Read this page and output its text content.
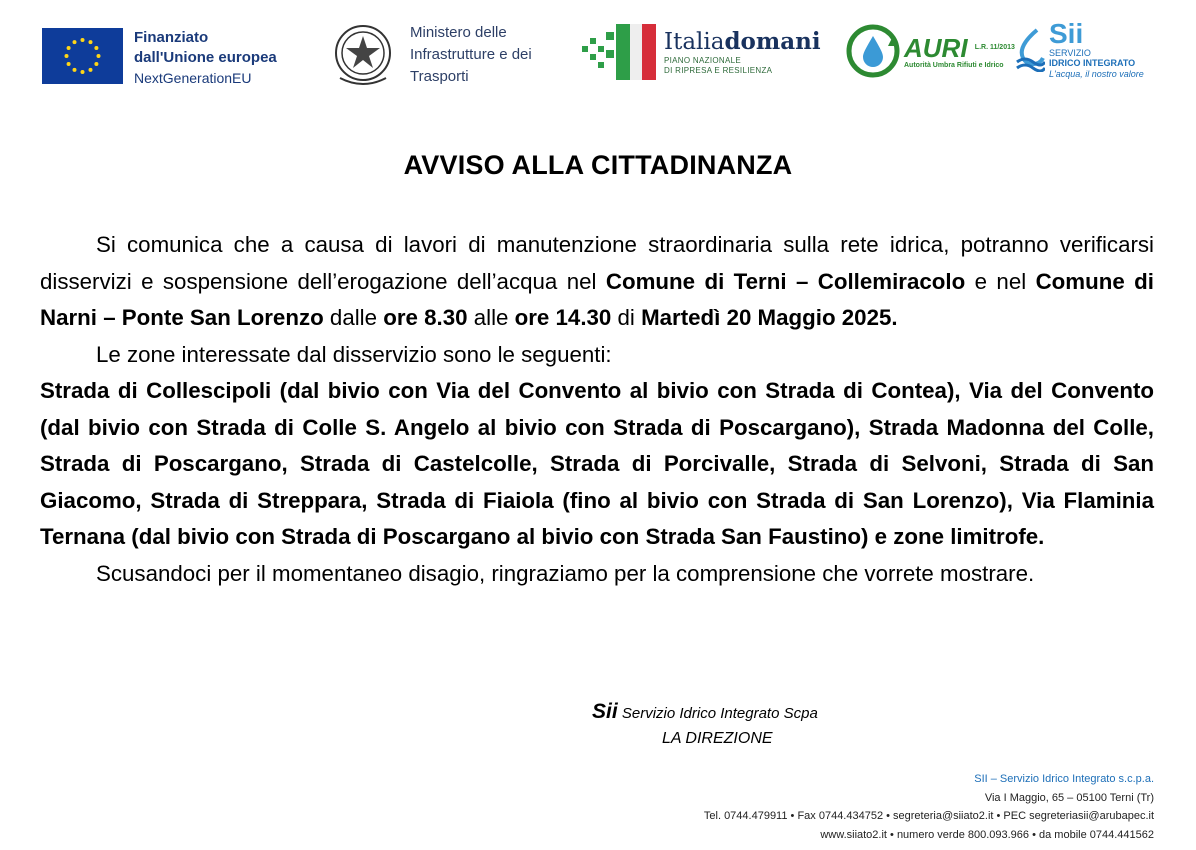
Finanziato
dall'Unione europea
NextGenerationEU
Ministero delle
Infrastrutture e dei
Trasporti
Italiadomani
PIANO NAZIONALE
DI RIPRESA E RESILIENZA
AURI $^{L.R. 11/2013}$
Autorità Umbra Rifiuti e Idrico
Sii
SERVIZIO
IDRICO INTEGRATO
L'acqua, il nostro valore
AVVISO ALLA CITTADINANZA

Si comunica che a causa di lavori di manutenzione straordinaria sulla rete idrica, potranno verificarsi disservizi e sospensione dell’erogazione dell’acqua nel Comune di Terni – Collemiracolo e nel Comune di Narni – Ponte San Lorenzo dalle ore 8.30 alle ore 14.30 di Martedì 20 Maggio 2025.

Le zone interessate dal disservizio sono le seguenti:

Strada di Collescipoli (dal bivio con Via del Convento al bivio con Strada di Contea), Via del Convento (dal bivio con Strada di Colle S. Angelo al bivio con Strada di Poscargano), Strada Madonna del Colle, Strada di Poscargano, Strada di Castelcolle, Strada di Porcivalle, Strada di Selvoni, Strada di San Giacomo, Strada di Streppara, Strada di Fiaiola (fino al bivio con Strada di San Lorenzo), Via Flaminia Ternana (dal bivio con Strada di Poscargano al bivio con Strada San Faustino) e zone limitrofe.

Scusandoci per il momentaneo disagio, ringraziamo per la comprensione che vorrete mostrare.

Sii Servizio Idrico Integrato Scpa
LA DIREZIONE
SII – Servizio Idrico Integrato s.c.p.a.
Via I Maggio, 65 – 05100 Terni (Tr)
Tel. 0744.479911 • Fax 0744.434752 • segreteria@siiato2.it • PEC segreteriasii@arubapec.it
www.siiato2.it • numero verde 800.093.966 • da mobile 0744.441562
